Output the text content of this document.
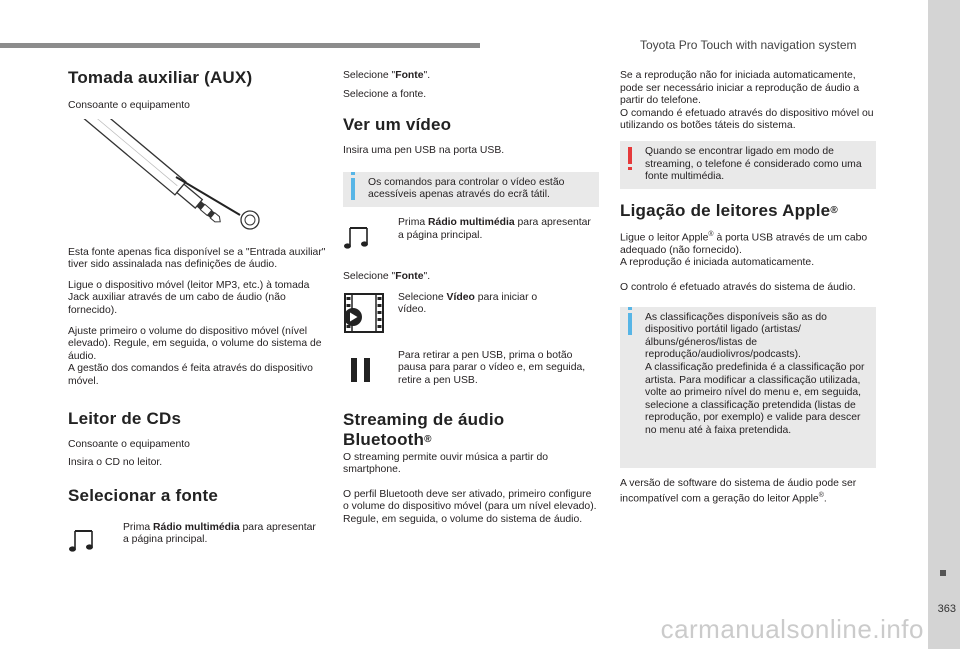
Toyota Pro Touch with navigation system
363
carmanualsonline.info
Tomada auxiliar (AUX)

Consoante o equipamento

Esta fonte apenas fica disponível se a "Entrada auxiliar" tiver sido assinalada nas definições de áudio.

Ligue o dispositivo móvel (leitor MP3, etc.) à tomada Jack auxiliar através de um cabo de áudio (não fornecido).

Ajuste primeiro o volume do dispositivo móvel (nível elevado). Regule, em seguida, o volume do sistema de áudio.

A gestão dos comandos é feita através do dispositivo móvel.

Leitor de CDs

Consoante o equipamento

Insira o CD no leitor.

Selecionar a fonte

Prima Rádio multimédia para apresentar a página principal.

Selecione "Fonte".

Selecione a fonte.

Ver um vídeo

Insira uma pen USB na porta USB.

Os comandos para controlar o vídeo estão acessíveis apenas através do ecrã tátil.

Prima Rádio multimédia para apresentar a página principal.

Selecione "Fonte".

Selecione Vídeo para iniciar o vídeo.

Para retirar a pen USB, prima o botão pausa para parar o vídeo e, em seguida, retire a pen USB.

Streaming de áudio
Bluetooth®

O streaming permite ouvir música a partir do smartphone.

O perfil Bluetooth deve ser ativado, primeiro configure o volume do dispositivo móvel (para um nível elevado).

Regule, em seguida, o volume do sistema de áudio.

Se a reprodução não for iniciada automaticamente, pode ser necessário iniciar a reprodução de áudio a partir do telefone.

O comando é efetuado através do dispositivo móvel ou utilizando os botões táteis do sistema.

Quando se encontrar ligado em modo de streaming, o telefone é considerado como uma fonte multimédia.

Ligação de leitores Apple®

Ligue o leitor Apple® à porta USB através de um cabo adequado (não fornecido).

A reprodução é iniciada automaticamente.

O controlo é efetuado através do sistema de áudio.

As classificações disponíveis são as do dispositivo portátil ligado (artistas/álbuns/géneros/listas de reprodução/audiolivros/podcasts).

A classificação predefinida é a classificação por artista. Para modificar a classificação utilizada, volte ao primeiro nível do menu e, em seguida, selecione a classificação pretendida (listas de reprodução, por exemplo) e valide para descer no menu até à faixa pretendida.

A versão de software do sistema de áudio pode ser incompatível com a geração do leitor Apple®.
